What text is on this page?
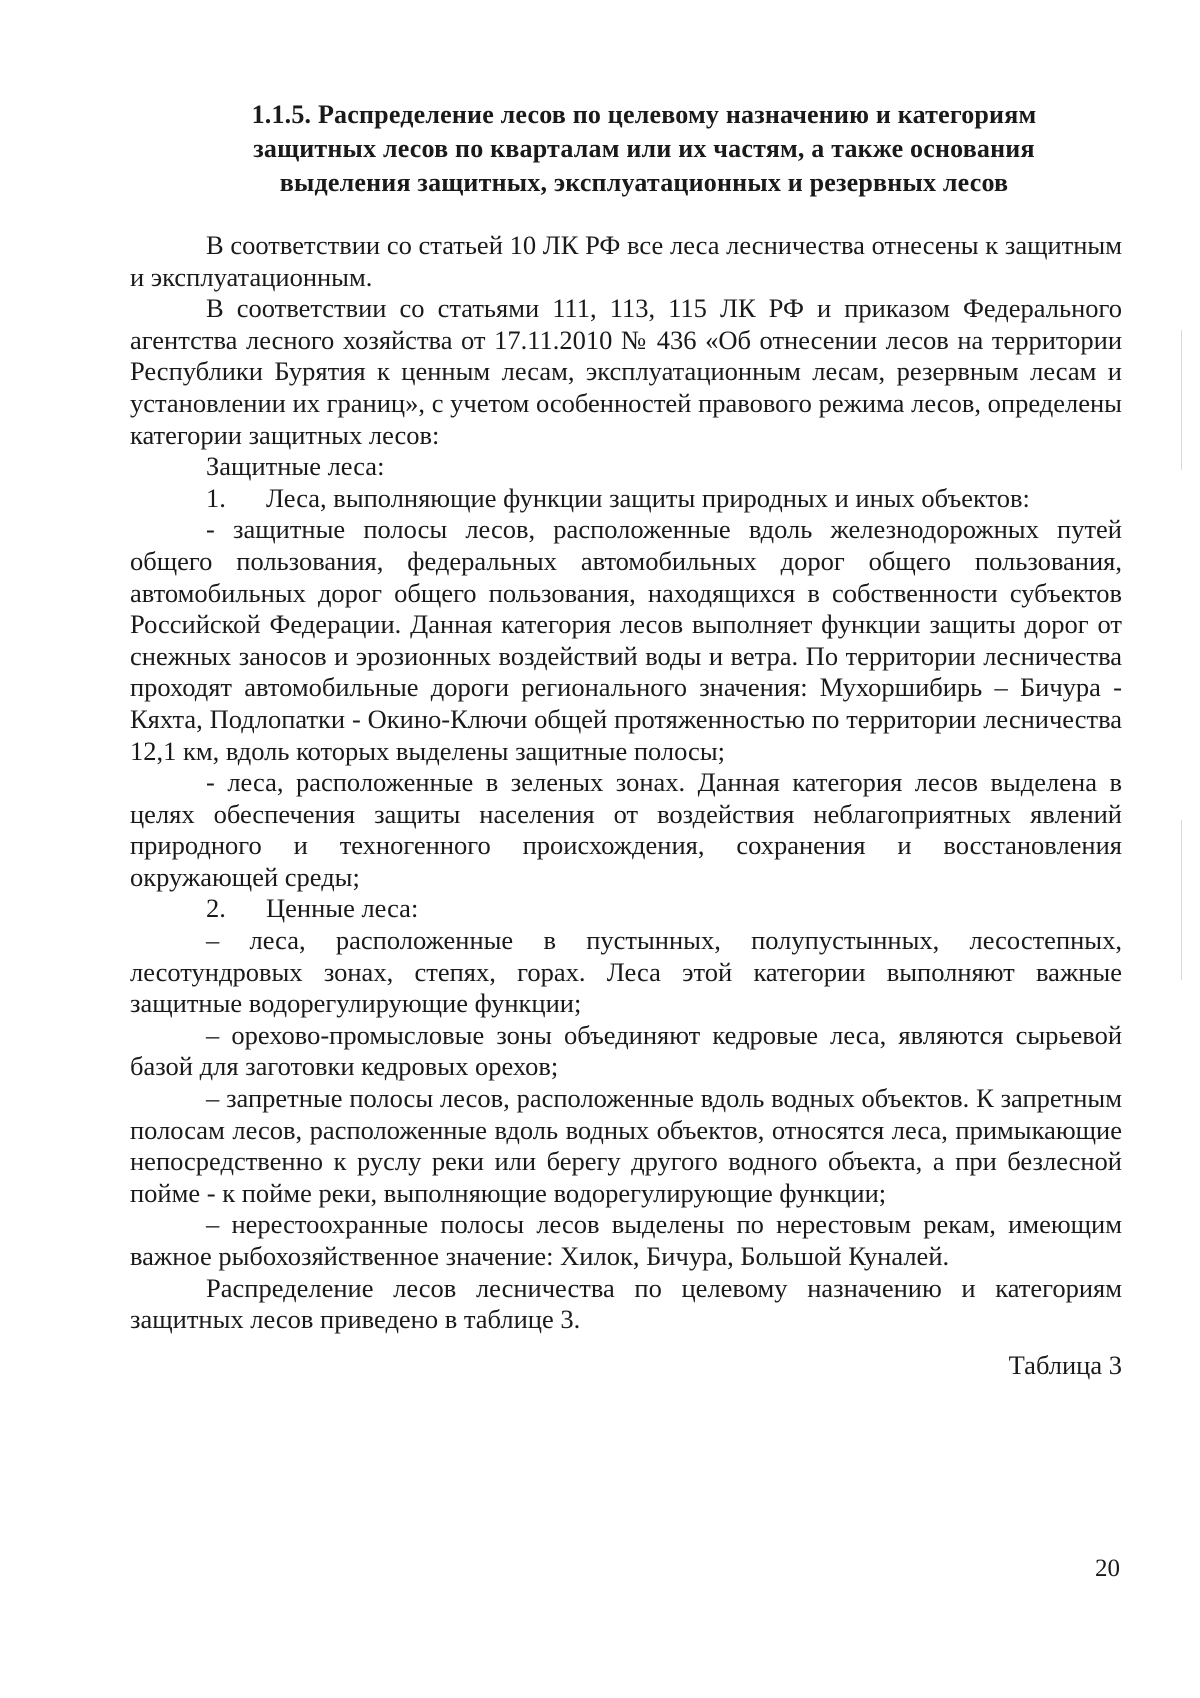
1.1.5. Распределение лесов по целевому назначению и категориям
защитных лесов по кварталам или их частям, а также основания
выделения защитных, эксплуатационных и резервных лесов

В соответствии со статьей 10 ЛК РФ все леса лесничества отнесены к защитным и эксплуатационным.

В соответствии со статьями 111, 113, 115 ЛК РФ и приказом Федерального агентства лесного хозяйства от 17.11.2010 № 436 «Об отнесении лесов на территории Республики Бурятия к ценным лесам, эксплуатационным лесам, резервным лесам и установлении их границ», с учетом особенностей правового режима лесов, определены категории защитных лесов:

Защитные леса:

1. Леса, выполняющие функции защиты природных и иных объектов:

- защитные полосы лесов, расположенные вдоль железнодорожных путей общего пользования, федеральных автомобильных дорог общего пользования, автомобильных дорог общего пользования, находящихся в собственности субъектов Российской Федерации. Данная категория лесов выполняет функции защиты дорог от снежных заносов и эрозионных воздействий воды и ветра. По территории лесничества проходят автомобильные дороги регионального значения: Мухоршибирь – Бичура - Кяхта, Подлопатки - Окино-Ключи общей протяженностью по территории лесничества 12,1 км, вдоль которых выделены защитные полосы;

- леса, расположенные в зеленых зонах. Данная категория лесов выделена в целях обеспечения защиты населения от воздействия неблагоприятных явлений природного и техногенного происхождения, сохранения и восстановления окружающей среды;

2. Ценные леса:

– леса, расположенные в пустынных, полупустынных, лесостепных, лесотундровых зонах, степях, горах. Леса этой категории выполняют важные защитные водорегулирующие функции;

– орехово-промысловые зоны объединяют кедровые леса, являются сырьевой базой для заготовки кедровых орехов;

– запретные полосы лесов, расположенные вдоль водных объектов. К запретным полосам лесов, расположенные вдоль водных объектов, относятся леса, примыкающие непосредственно к руслу реки или берегу другого водного объекта, а при безлесной пойме - к пойме реки, выполняющие водорегулирующие функции;

– нерестоохранные полосы лесов выделены по нерестовым рекам, имеющим важное рыбохозяйственное значение: Хилок, Бичура, Большой Куналей.

Распределение лесов лесничества по целевому назначению и категориям защитных лесов приведено в таблице 3.

Таблица 3
20
